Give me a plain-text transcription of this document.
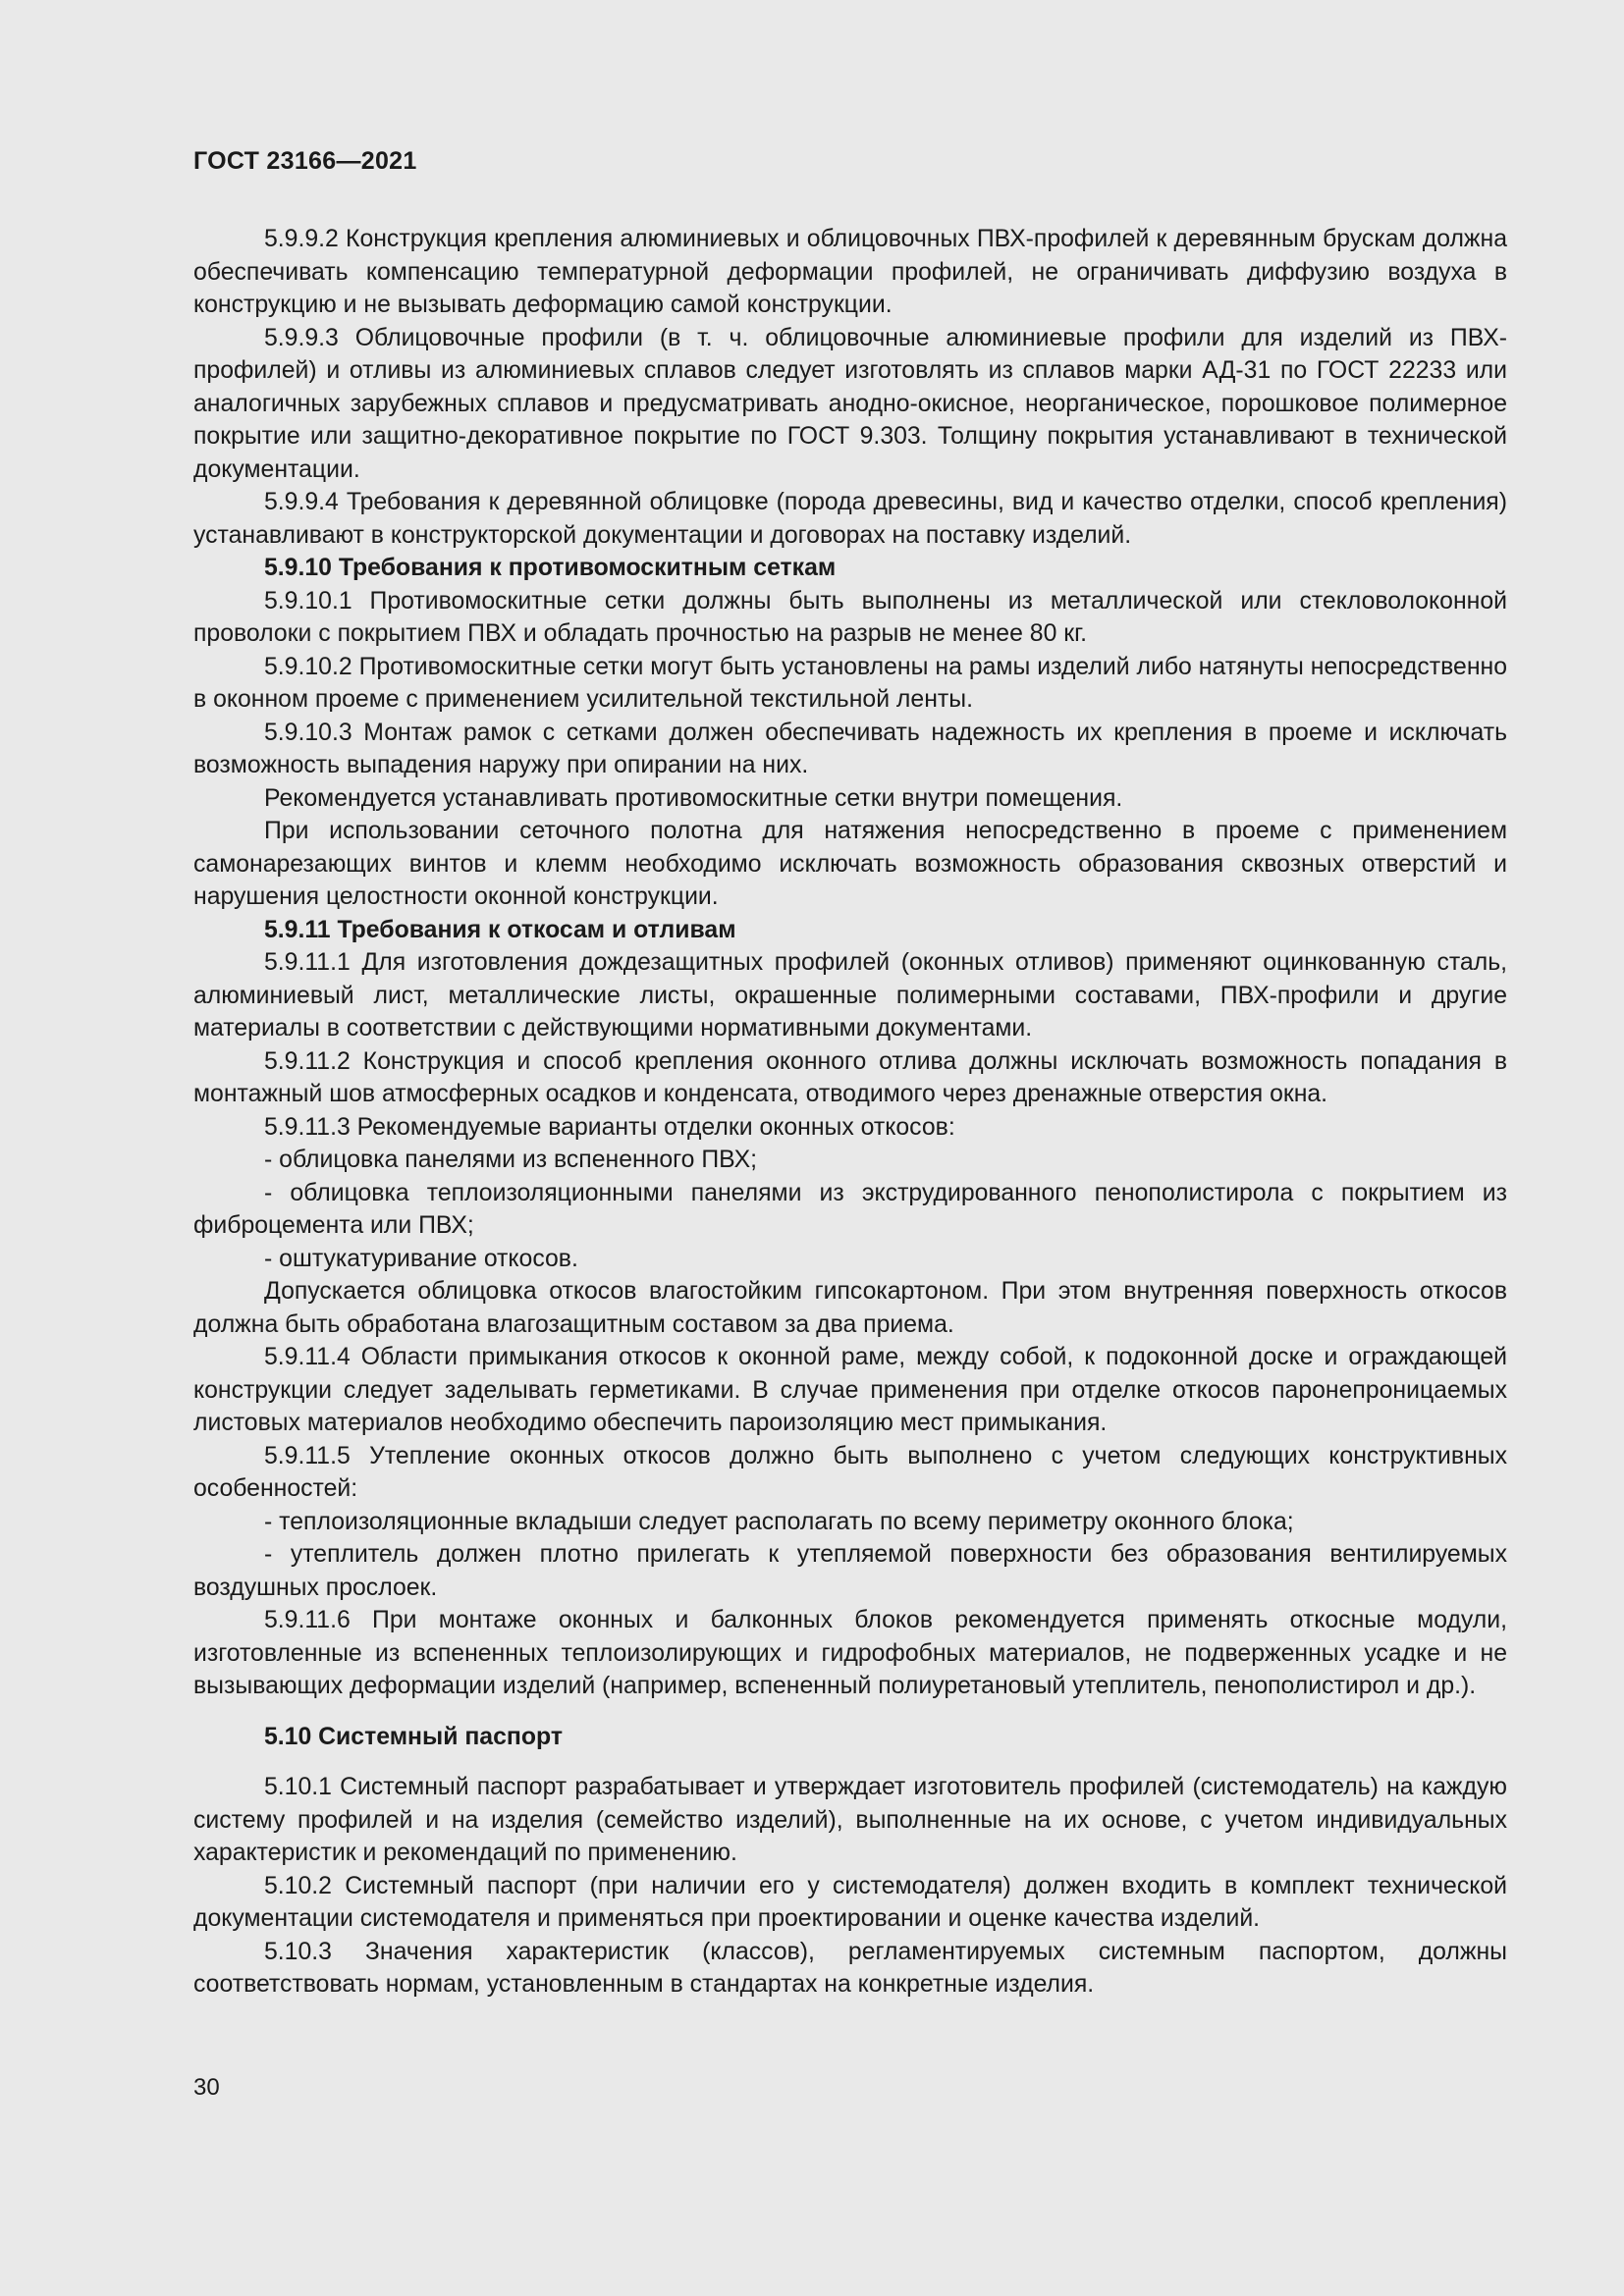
ГОСТ 23166—2021

5.9.9.2 Конструкция крепления алюминиевых и облицовочных ПВХ-профилей к деревянным брускам должна обеспечивать компенсацию температурной деформации профилей, не ограничивать диффузию воздуха в конструкцию и не вызывать деформацию самой конструкции.

5.9.9.3 Облицовочные профили (в т. ч. облицовочные алюминиевые профили для изделий из ПВХ-профилей) и отливы из алюминиевых сплавов следует изготовлять из сплавов марки АД-31 по ГОСТ 22233 или аналогичных зарубежных сплавов и предусматривать анодно-окисное, неорганическое, порошковое полимерное покрытие или защитно-декоративное покрытие по ГОСТ 9.303. Толщину покрытия устанавливают в технической документации.

5.9.9.4 Требования к деревянной облицовке (порода древесины, вид и качество отделки, способ крепления) устанавливают в конструкторской документации и договорах на поставку изделий.

5.9.10 Требования к противомоскитным сеткам

5.9.10.1 Противомоскитные сетки должны быть выполнены из металлической или стекловолоконной проволоки с покрытием ПВХ и обладать прочностью на разрыв не менее 80 кг.

5.9.10.2 Противомоскитные сетки могут быть установлены на рамы изделий либо натянуты непосредственно в оконном проеме с применением усилительной текстильной ленты.

5.9.10.3 Монтаж рамок с сетками должен обеспечивать надежность их крепления в проеме и исключать возможность выпадения наружу при опирании на них.

Рекомендуется устанавливать противомоскитные сетки внутри помещения.

При использовании сеточного полотна для натяжения непосредственно в проеме с применением самонарезающих винтов и клемм необходимо исключать возможность образования сквозных отверстий и нарушения целостности оконной конструкции.

5.9.11 Требования к откосам и отливам

5.9.11.1 Для изготовления дождезащитных профилей (оконных отливов) применяют оцинкованную сталь, алюминиевый лист, металлические листы, окрашенные полимерными составами, ПВХ-профили и другие материалы в соответствии с действующими нормативными документами.

5.9.11.2 Конструкция и способ крепления оконного отлива должны исключать возможность попадания в монтажный шов атмосферных осадков и конденсата, отводимого через дренажные отверстия окна.

5.9.11.3 Рекомендуемые варианты отделки оконных откосов:

- облицовка панелями из вспененного ПВХ;

- облицовка теплоизоляционными панелями из экструдированного пенополистирола с покрытием из фиброцемента или ПВХ;

- оштукатуривание откосов.

Допускается облицовка откосов влагостойким гипсокартоном. При этом внутренняя поверхность откосов должна быть обработана влагозащитным составом за два приема.

5.9.11.4 Области примыкания откосов к оконной раме, между собой, к подоконной доске и ограждающей конструкции следует заделывать герметиками. В случае применения при отделке откосов паронепроницаемых листовых материалов необходимо обеспечить пароизоляцию мест примыкания.

5.9.11.5 Утепление оконных откосов должно быть выполнено с учетом следующих конструктивных особенностей:

- теплоизоляционные вкладыши следует располагать по всему периметру оконного блока;

- утеплитель должен плотно прилегать к утепляемой поверхности без образования вентилируемых воздушных прослоек.

5.9.11.6 При монтаже оконных и балконных блоков рекомендуется применять откосные модули, изготовленные из вспененных теплоизолирующих и гидрофобных материалов, не подверженных усадке и не вызывающих деформации изделий (например, вспененный полиуретановый утеплитель, пенополистирол и др.).

5.10 Системный паспорт

5.10.1 Системный паспорт разрабатывает и утверждает изготовитель профилей (системодатель) на каждую систему профилей и на изделия (семейство изделий), выполненные на их основе, с учетом индивидуальных характеристик и рекомендаций по применению.

5.10.2 Системный паспорт (при наличии его у системодателя) должен входить в комплект технической документации системодателя и применяться при проектировании и оценке качества изделий.

5.10.3 Значения характеристик (классов), регламентируемых системным паспортом, должны соответствовать нормам, установленным в стандартах на конкретные изделия.

30
